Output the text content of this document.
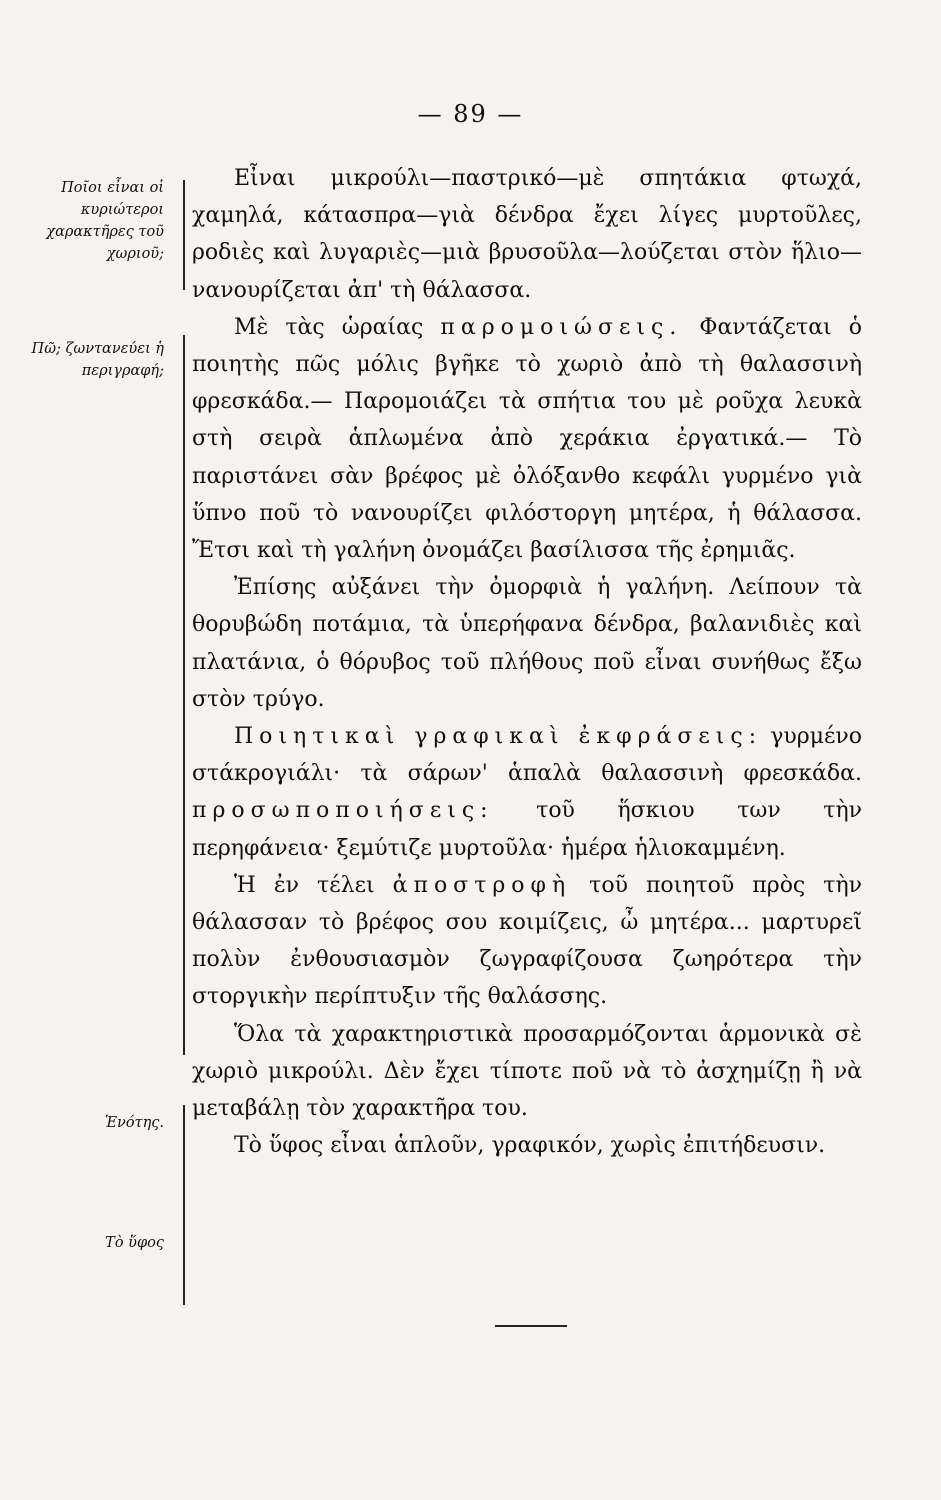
— 89 —
Ποῖοι εἶναι οἱ κυριώτεροι χαρακτῆρες τοῦ χωριοῦ;
Πῶ; ζωντανεύει ἡ περιγραφή;
Ἑνότης.
Τὸ ὕφος

Εἶναι μικρούλι—παστρικό—μὲ σπητάκια φτωχά, χαμηλά, κάτασπρα—γιὰ δένδρα ἔχει λίγες μυρτοῦλες, ροδιὲς καὶ λυγαριὲς—μιὰ βρυσοῦλα—λούζεται στὸν ἥλιο—νανουρίζεται ἀπ' τὴ θάλασσα.

Μὲ τὰς ὡραίας παρομοιώσεις. Φαντάζεται ὁ ποιητὴς πῶς μόλις βγῆκε τὸ χωριὸ ἀπὸ τὴ θαλασσινὴ φρεσκάδα.— Παρομοιάζει τὰ σπήτια του μὲ ροῦχα λευκὰ στὴ σειρὰ ἁπλωμένα ἀπὸ χεράκια ἐργατικά.— Τὸ παριστάνει σὰν βρέφος μὲ ὀλόξανθο κεφάλι γυρμένο γιὰ ὕπνο ποῦ τὸ νανουρίζει φιλόστοργη μητέρα, ἡ θάλασσα. Ἔτσι καὶ τὴ γαλήνη ὀνομάζει βασίλισσα τῆς ἐρημιᾶς.

Ἐπίσης αὐξάνει τὴν ὀμορφιὰ ἡ γαλήνη. Λείπουν τὰ θορυβώδη ποτάμια, τὰ ὑπερήφανα δένδρα, βαλανιδιὲς καὶ πλατάνια, ὁ θόρυβος τοῦ πλήθους ποῦ εἶναι συνήθως ἔξω στὸν τρύγο.

Ποιητικαὶ γραφικαὶ ἐκφράσεις: γυρμένο στάκρογιάλι· τὰ σάρων' ἁπαλὰ θαλασσινὴ φρεσκάδα. προσωποποιήσεις: τοῦ ἥσκιου των τὴν περηφάνεια· ξεμύτιζε μυρτοῦλα· ἡμέρα ἡλιοκαμμένη.

Ἡ ἐν τέλει ἀποστροφὴ τοῦ ποιητοῦ πρὸς τὴν θάλασσαν τὸ βρέφος σου κοιμίζεις, ὦ μητέρα... μαρτυρεῖ πολὺν ἐνθουσιασμὸν ζωγραφίζουσα ζωηρότερα τὴν στοργικὴν περίπτυξιν τῆς θαλάσσης.

Ὅλα τὰ χαρακτηριστικὰ προσαρμόζονται ἁρμονικὰ σὲ χωριὸ μικρούλι. Δὲν ἔχει τίποτε ποῦ νὰ τὸ ἀσχημίζῃ ἢ νὰ μεταβάλῃ τὸν χαρακτῆρα του.

Τὸ ὕφος εἶναι ἁπλοῦν, γραφικόν, χωρὶς ἐπιτήδευσιν.
